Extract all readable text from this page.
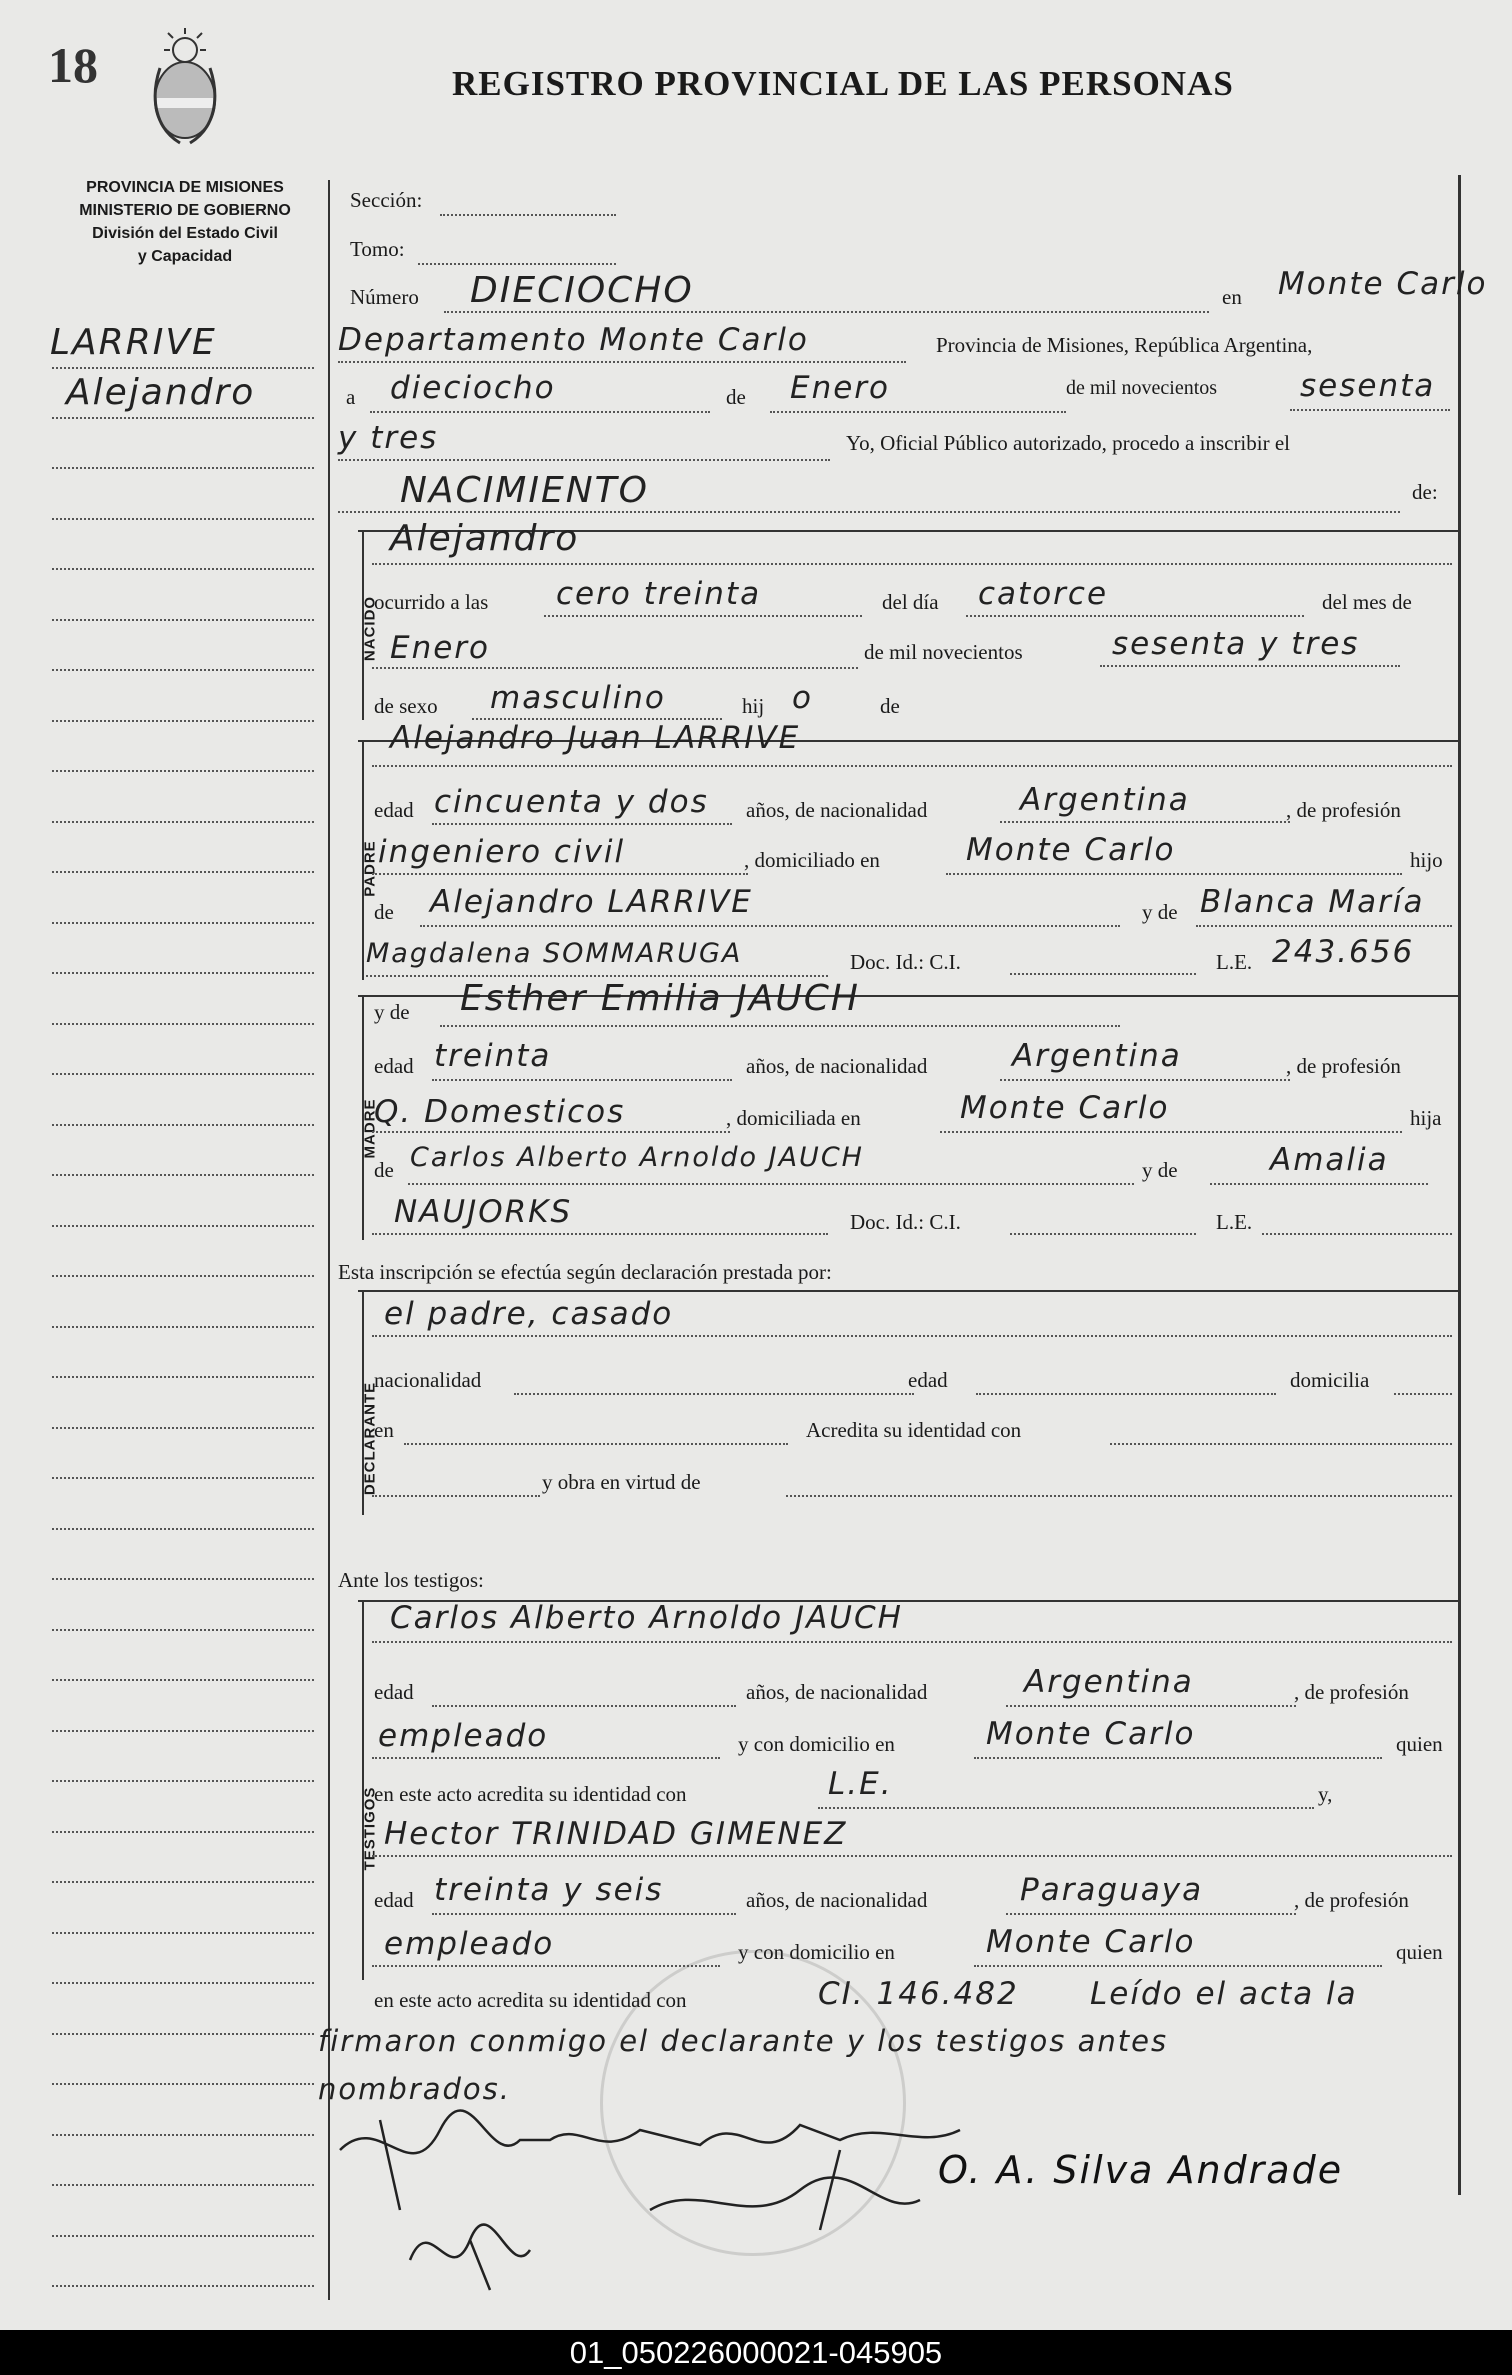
18	REGISTRO PROVINCIAL DE LAS PERSONAS
PROVINCIA DE MISIONES
MINISTERIO DE GOBIERNO
División del Estado Civil
y Capacidad
LARRIVE
Alejandro
Sección:
Tomo:
Número DIECIOCHO	en Monte Carlo
Departamento Monte Carlo	Provincia de Misiones, República Argentina,
a dieciocho	de Enero	de mil novecientos	sesenta
y tres	Yo, Oficial Público autorizado, procedo a inscribir el
NACIMIENTO	de:
NACIDO
Alejandro
ocurrido a las cero treinta	del día catorce	del mes de
Enero	de mil novecientos	sesenta y tres
de sexo masculino	hij o	de
PADRE
Alejandro Juan LARRIVE
edad cincuenta y dos años, de nacionalidad	Argentina	, de profesión
ingeniero civil	, domiciliado en	Monte Carlo	hijo
de Alejandro LARRIVE	y de Blanca María
Magdalena SOMMARUGA	Doc. Id.: C.I.	L.E. 243.656
MADRE
y de Esther Emilia JAUCH
edad treinta	años, de nacionalidad	Argentina	, de profesión
Q. Domesticos	, domiciliada en	Monte Carlo	hija
de Carlos Alberto Arnoldo JAUCH	y de	Amalia
NAUJORKS	Doc. Id.: C.I.	L.E.
Esta inscripción se efectúa según declaración prestada por:
DECLARANTE
el padre, casado
nacionalidad	edad	domicilia
en	Acredita su identidad con
y obra en virtud de
Ante los testigos:
TESTIGOS
Carlos Alberto Arnoldo JAUCH
edad	años, de nacionalidad	Argentina	, de profesión
empleado	y con domicilio en	Monte Carlo	quien
en este acto acredita su identidad con	L.E.	y,
Hector TRINIDAD GIMENEZ
edad treinta y seis	años, de nacionalidad	Paraguaya	, de profesión
empleado	y con domicilio en	Monte Carlo	quien
en este acto acredita su identidad con	CI. 146.482 Leído el acta la
firmaron conmigo el declarante y los testigos antes
nombrados.
O. A. Silva Andrade
01_050226000021-045905
